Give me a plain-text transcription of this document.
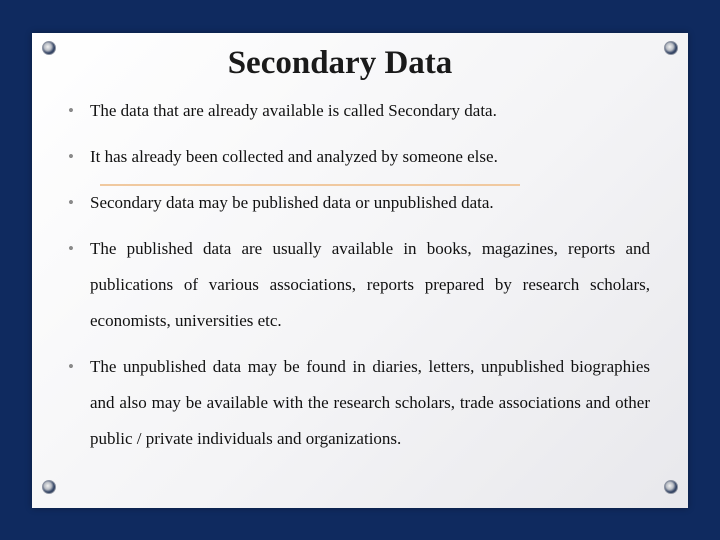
Secondary Data
• The data that are already available is called Secondary data.
• It has already been collected and analyzed by someone else.
• Secondary data may be published data or unpublished data.
• The published data are usually available in books, magazines, reports and publications of various associations, reports prepared by research scholars, economists, universities etc.
• The unpublished data may be found in diaries, letters, unpublished biographies and also may be available with the research scholars, trade associations and other public / private individuals and organizations.
